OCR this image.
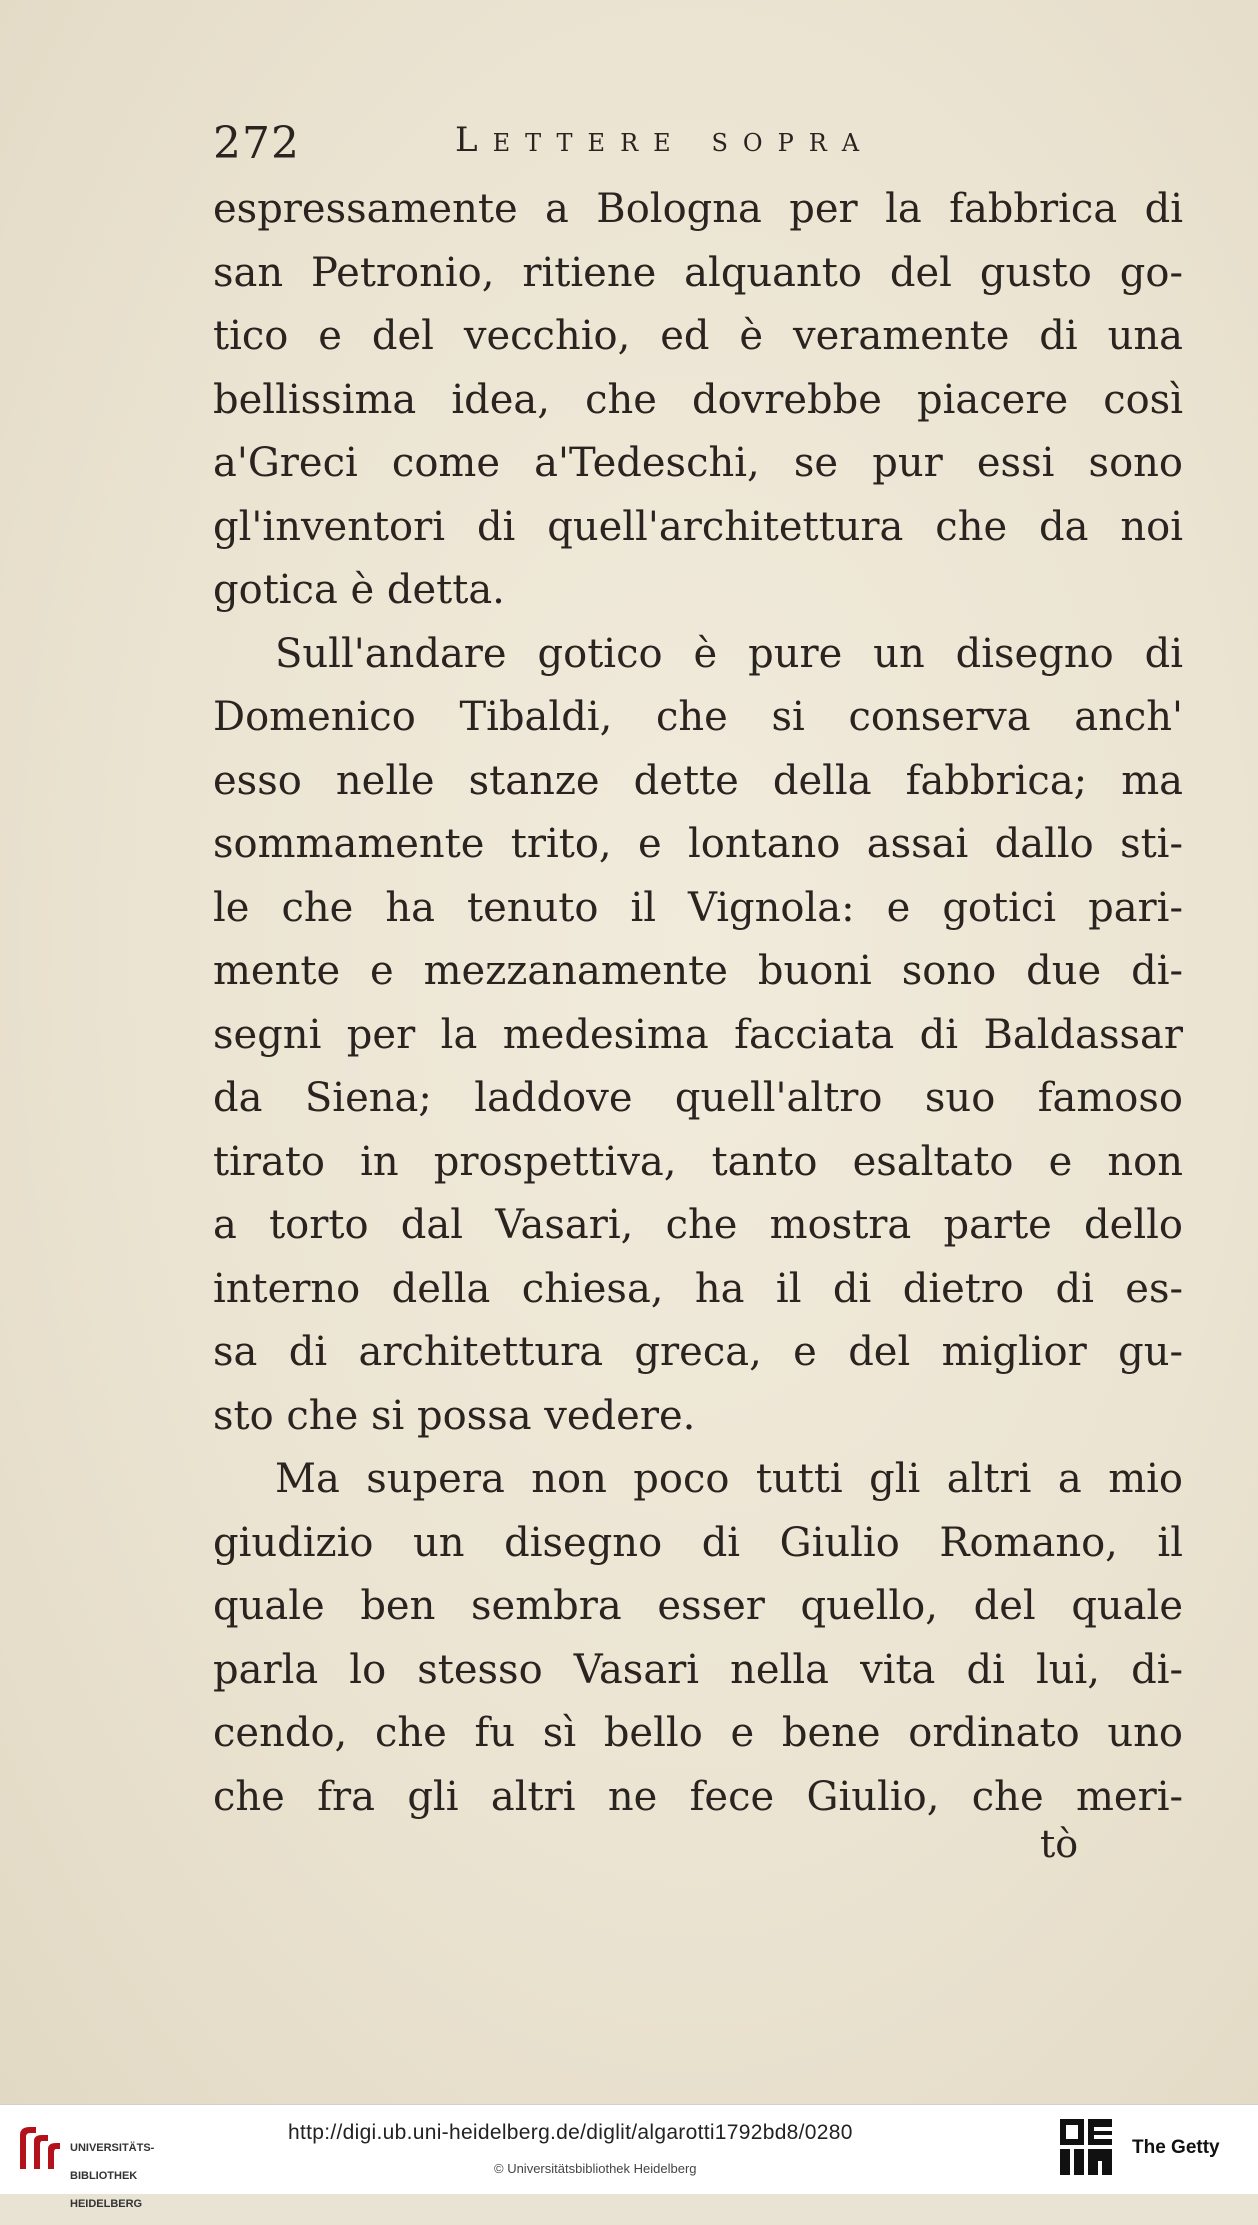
272	Lettere sopra
espressamente a Bologna per la fabbrica di
san Petronio, ritiene alquanto del gusto go-
tico e del vecchio, ed è veramente di una
bellissima idea, che dovrebbe piacere così
a'Greci come a'Tedeschi, se pur essi sono
gl'inventori di quell'architettura che da noi
gotica è detta.
Sull'andare gotico è pure un disegno di
Domenico Tibaldi, che si conserva anch'
esso nelle stanze dette della fabbrica; ma
sommamente trito, e lontano assai dallo sti-
le che ha tenuto il Vignola: e gotici pari-
mente e mezzanamente buoni sono due di-
segni per la medesima facciata di Baldassar
da Siena; laddove quell'altro suo famoso
tirato in prospettiva, tanto esaltato e non
a torto dal Vasari, che mostra parte dello
interno della chiesa, ha il di dietro di es-
sa di architettura greca, e del miglior gu-
sto che si possa vedere.
Ma supera non poco tutti gli altri a mio
giudizio un disegno di Giulio Romano, il
quale ben sembra esser quello, del quale
parla lo stesso Vasari nella vita di lui, di-
cendo, che fu sì bello e bene ordinato uno
che fra gli altri ne fece Giulio, che meri-
tò

UNIVERSITÄTS-

BIBLIOTHEK

HEIDELBERG

http://digi.ub.uni-heidelberg.de/diglit/algarotti1792bd8/0280
© Universitätsbibliothek Heidelberg
The Getty
